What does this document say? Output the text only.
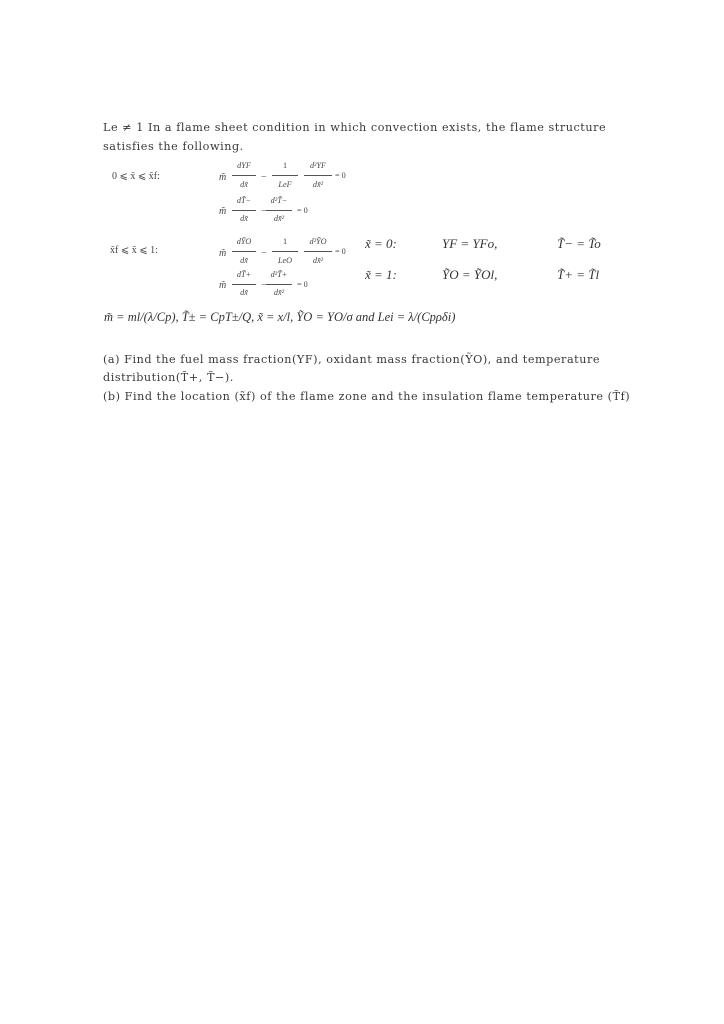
Le ≠ 1 In a flame sheet condition in which convection exists, the flame structure
satisfies the following.
0 ⩽ x̃ ⩽ x̃f:
x̃f ⩽ x̃ ⩽ 1:
m̃
dYF
dx̃
−
1
LeF
d²YF
dx̃²
= 0
m̃
dT̃−
dx̃
−
d²T̃−
dx̃²
= 0
m̃
dỸO
dx̃
−
1
LeO
d²ỸO
dx̃²
= 0
m̃
dT̃+
dx̃
−
d²T̃+
dx̃²
= 0
x̃ = 0:	YF = YFo,	T̃− = T̃o
x̃ = 1:	ỸO = ỸOl,	T̃+ = T̃l
m̃ = ml/(λ/Cp), T̃± = CpT±/Q, x̃ = x/l, ỸO = YO/σ and Lei = λ/(Cpρδi)
(a) Find the fuel mass fraction(YF), oxidant mass fraction(ỸO), and temperature
distribution(T̃+, T̃−).
(b) Find the location (x̃f) of the flame zone and the insulation flame temperature (T̃f)
